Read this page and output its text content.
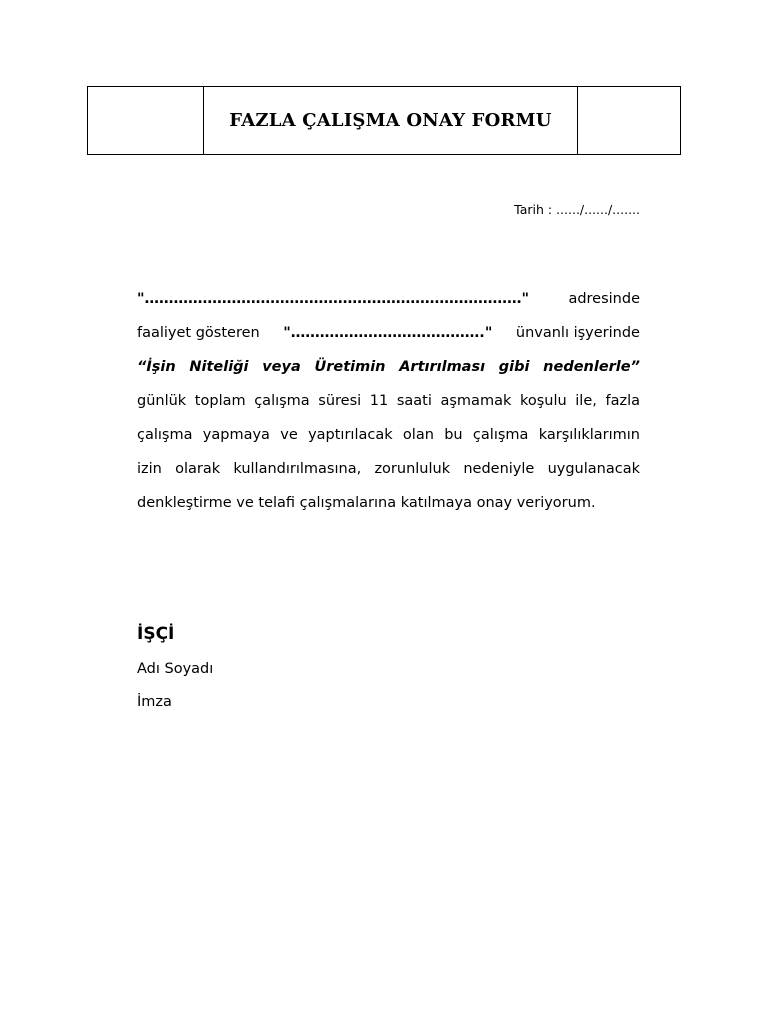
FAZLA ÇALIŞMA ONAY FORMU
Tarih : ....../....../.......
"……………………………………………………………………"	adresinde
faaliyet gösteren "…………………………………." ünvanlı işyerinde
“İşin Niteliği veya Üretimin Artırılması gibi nedenlerle”
günlük toplam çalışma süresi 11 saati aşmamak koşulu ile, fazla
çalışma yapmaya ve yaptırılacak olan bu çalışma karşılıklarımın
izin olarak kullandırılmasına, zorunluluk nedeniyle uygulanacak
denkleştirme ve telafi çalışmalarına katılmaya onay veriyorum.
İŞÇİ
Adı Soyadı
İmza
